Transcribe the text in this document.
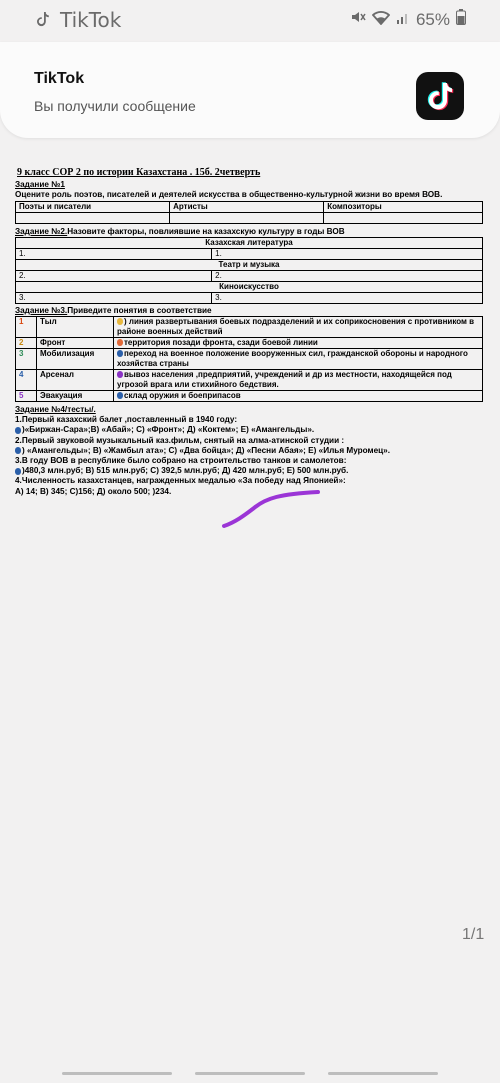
TikTok	65%
TikTok
Вы получили сообщение
9 класс СОР 2 по истории Казахстана . 15б. 2четверть
Задание №1
Оцените роль поэтов, писателей и деятелей искусства в общественно-культурной жизни во время ВОВ.
Поэты и писатели	Артисты	Композиторы

Задание №2.Назовите факторы, повлиявшие на казахскую культуру в годы ВОВ
Казахская литература	
1.	1.
Театр и музыка	
2.	2.
Киноискусство	
3.	3.
Задание №3.Приведите понятия в соответствие
1	Тыл	) линия развертывания боевых подразделений и их соприкосновения с противником в районе военных действий
2	Фронт	территория позади фронта, сзади боевой линии
3	Мобилизация	переход на военное положение вооруженных сил, гражданской обороны и народного хозяйства страны
4	Арсенал	вывоз населения ,предприятий, учреждений и др из местности, находящейся под угрозой врага или стихийного бедствия.
5	Эвакуация	склад оружия и боеприпасов
Задание №4/тесты/.
1.Первый казахский балет ,поставленный в 1940 году:
)«Биржан-Сара»;В) «Абай»; С) «Фронт»; Д) «Коктем»; Е) «Амангельды».
2.Первый звуковой музыкальный каз.фильм, снятый на алма-атинской студии :
) «Амангельды»; В) «Жамбыл ата»; С) «Два бойца»; Д) «Песни Абая»; Е) «Илья Муромец».
3.В году ВОВ в республике было собрано на строительство танков и самолетов:
)480,3 млн.руб; В) 515 млн.руб; С) 392,5 млн.руб; Д) 420 млн.руб; Е) 500 млн.руб.
4.Численность казахстанцев, награжденных медалью «За победу над Японией»:
А) 14; В) 345; С)156; Д) около 500; )234.
1/1
